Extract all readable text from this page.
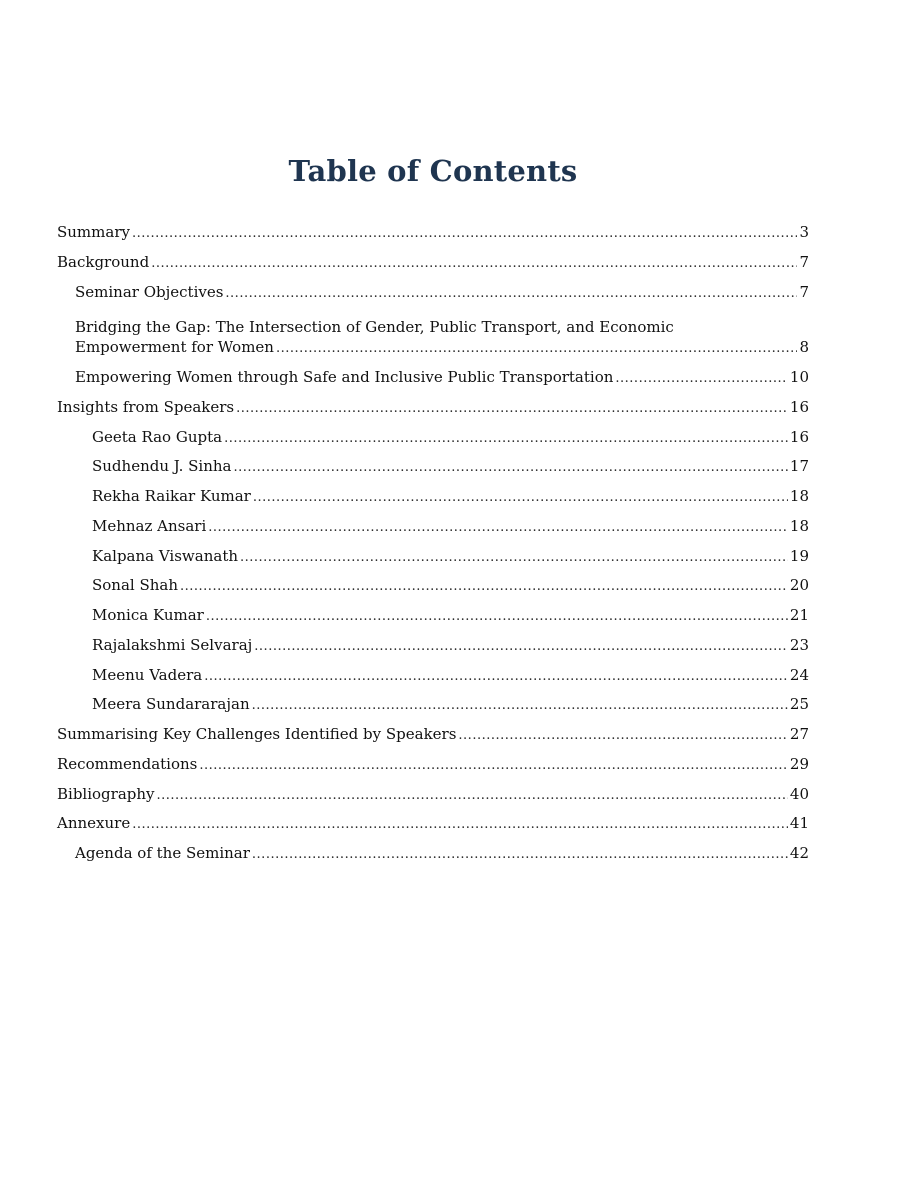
Table of Contents
Summary .....	3
Background .....	7
Seminar Objectives .....	7
Bridging the Gap: The Intersection of Gender, Public Transport, and Economic
Empowerment for Women .....	8
Empowering Women through Safe and Inclusive Public Transportation .....	10
Insights from Speakers .....	16
Geeta Rao Gupta .....	16
Sudhendu J. Sinha .....	17
Rekha Raikar Kumar .....	18
Mehnaz Ansari .....	18
Kalpana Viswanath .....	19
Sonal Shah .....	20
Monica Kumar .....	21
Rajalakshmi Selvaraj .....	23
Meenu Vadera .....	24
Meera Sundararajan .....	25
Summarising Key Challenges Identified by Speakers .....	27
Recommendations .....	29
Bibliography .....	40
Annexure .....	41
Agenda of the Seminar .....	42
